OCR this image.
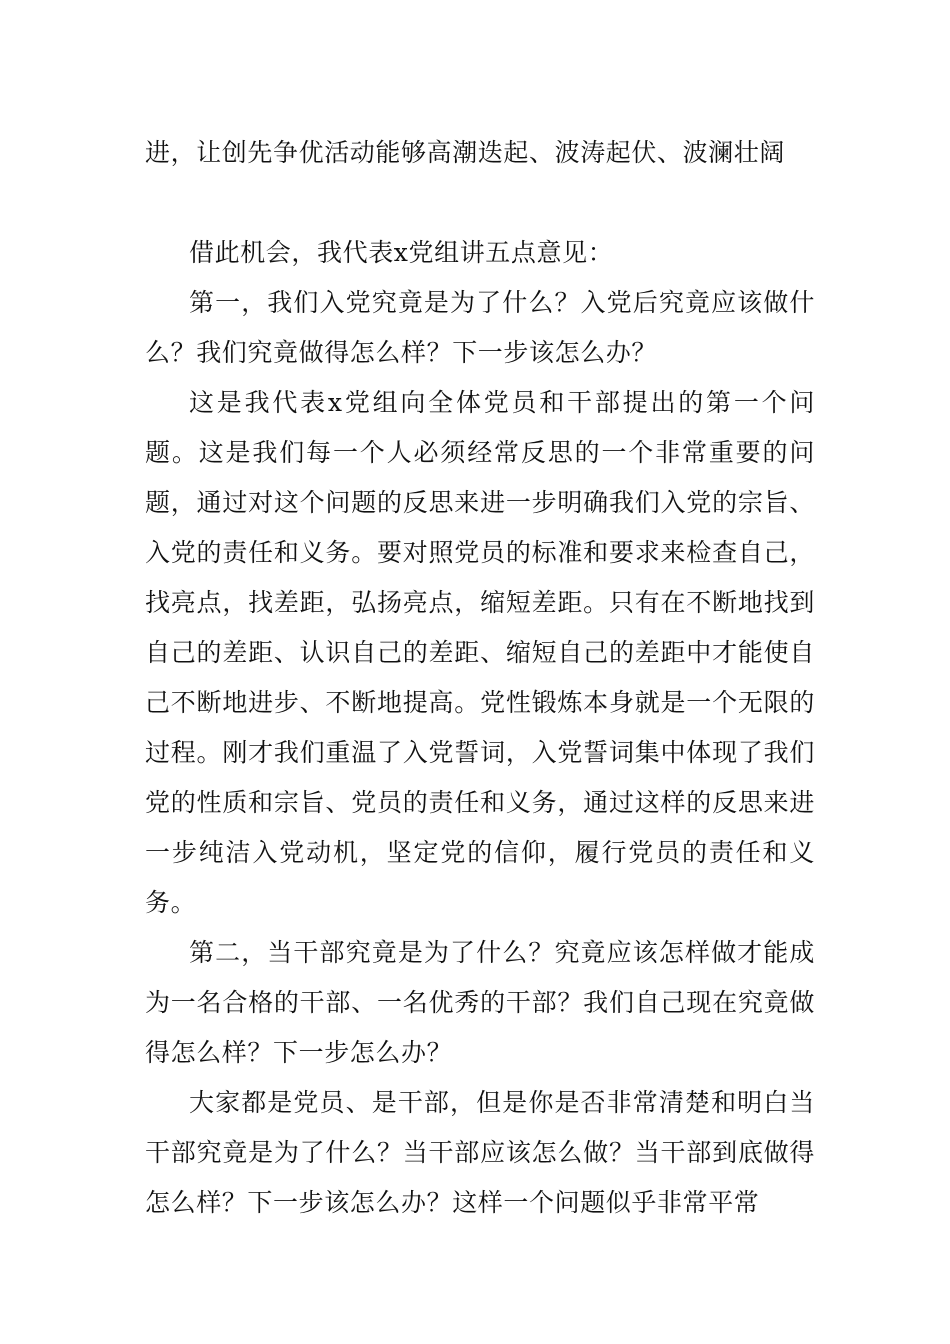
进，让创先争优活动能够高潮迭起、波涛起伏、波澜壮阔

借此机会，我代表x党组讲五点意见：

第一，我们入党究竟是为了什么？入党后究竟应该做什么？我们究竟做得怎么样？下一步该怎么办？

这是我代表x党组向全体党员和干部提出的第一个问题。这是我们每一个人必须经常反思的一个非常重要的问题，通过对这个问题的反思来进一步明确我们入党的宗旨、入党的责任和义务。要对照党员的标准和要求来检查自己，找亮点，找差距，弘扬亮点，缩短差距。只有在不断地找到自己的差距、认识自己的差距、缩短自己的差距中才能使自己不断地进步、不断地提高。党性锻炼本身就是一个无限的过程。刚才我们重温了入党誓词，入党誓词集中体现了我们党的性质和宗旨、党员的责任和义务，通过这样的反思来进一步纯洁入党动机，坚定党的信仰，履行党员的责任和义务。

第二，当干部究竟是为了什么？究竟应该怎样做才能成为一名合格的干部、一名优秀的干部？我们自己现在究竟做得怎么样？下一步怎么办？

大家都是党员、是干部，但是你是否非常清楚和明白当干部究竟是为了什么？当干部应该怎么做？当干部到底做得怎么样？下一步该怎么办？这样一个问题似乎非常平常
